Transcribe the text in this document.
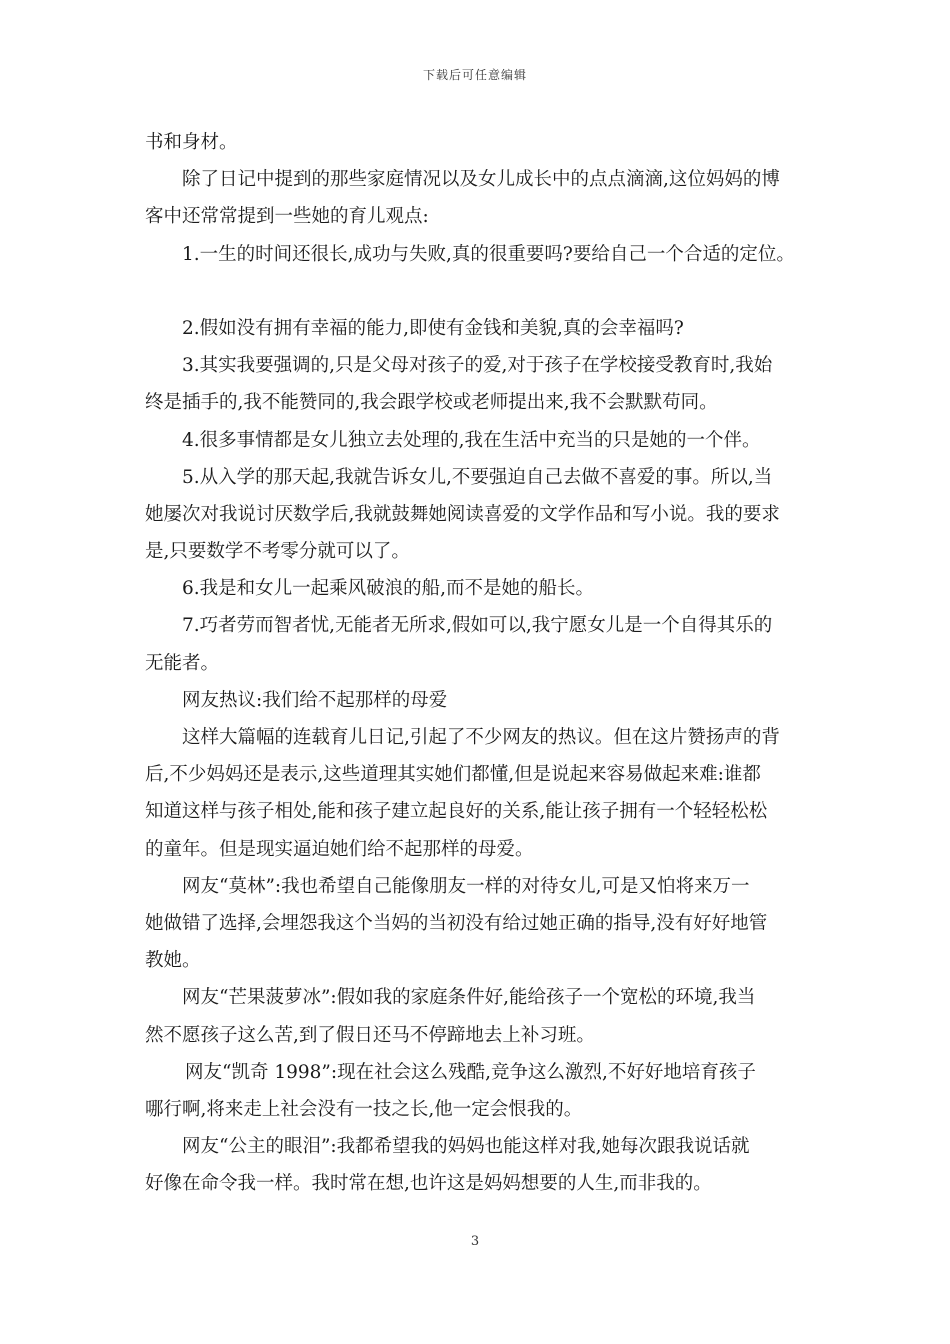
下载后可任意编辑
书和身材。
除了日记中提到的那些家庭情况以及女儿成长中的点点滴滴,这位妈妈的博
客中还常常提到一些她的育儿观点:
1.一生的时间还很长,成功与失败,真的很重要吗?要给自己一个合适的定位。
2.假如没有拥有幸福的能力,即使有金钱和美貌,真的会幸福吗?
3.其实我要强调的,只是父母对孩子的爱,对于孩子在学校接受教育时,我始
终是插手的,我不能赞同的,我会跟学校或老师提出来,我不会默默苟同。
4.很多事情都是女儿独立去处理的,我在生活中充当的只是她的一个伴。
5.从入学的那天起,我就告诉女儿,不要强迫自己去做不喜爱的事。所以,当
她屡次对我说讨厌数学后,我就鼓舞她阅读喜爱的文学作品和写小说。我的要求
是,只要数学不考零分就可以了。
6.我是和女儿一起乘风破浪的船,而不是她的船长。
7.巧者劳而智者忧,无能者无所求,假如可以,我宁愿女儿是一个自得其乐的
无能者。
网友热议:我们给不起那样的母爱
这样大篇幅的连载育儿日记,引起了不少网友的热议。但在这片赞扬声的背
后,不少妈妈还是表示,这些道理其实她们都懂,但是说起来容易做起来难:谁都
知道这样与孩子相处,能和孩子建立起良好的关系,能让孩子拥有一个轻轻松松
的童年。但是现实逼迫她们给不起那样的母爱。
网友“莫林”:我也希望自己能像朋友一样的对待女儿,可是又怕将来万一
她做错了选择,会埋怨我这个当妈的当初没有给过她正确的指导,没有好好地管
教她。
网友“芒果菠萝冰”:假如我的家庭条件好,能给孩子一个宽松的环境,我当
然不愿孩子这么苦,到了假日还马不停蹄地去上补习班。
网友“凯奇 1998”:现在社会这么残酷,竞争这么激烈,不好好地培育孩子
哪行啊,将来走上社会没有一技之长,他一定会恨我的。
网友“公主的眼泪”:我都希望我的妈妈也能这样对我,她每次跟我说话就
好像在命令我一样。我时常在想,也许这是妈妈想要的人生,而非我的。
3
